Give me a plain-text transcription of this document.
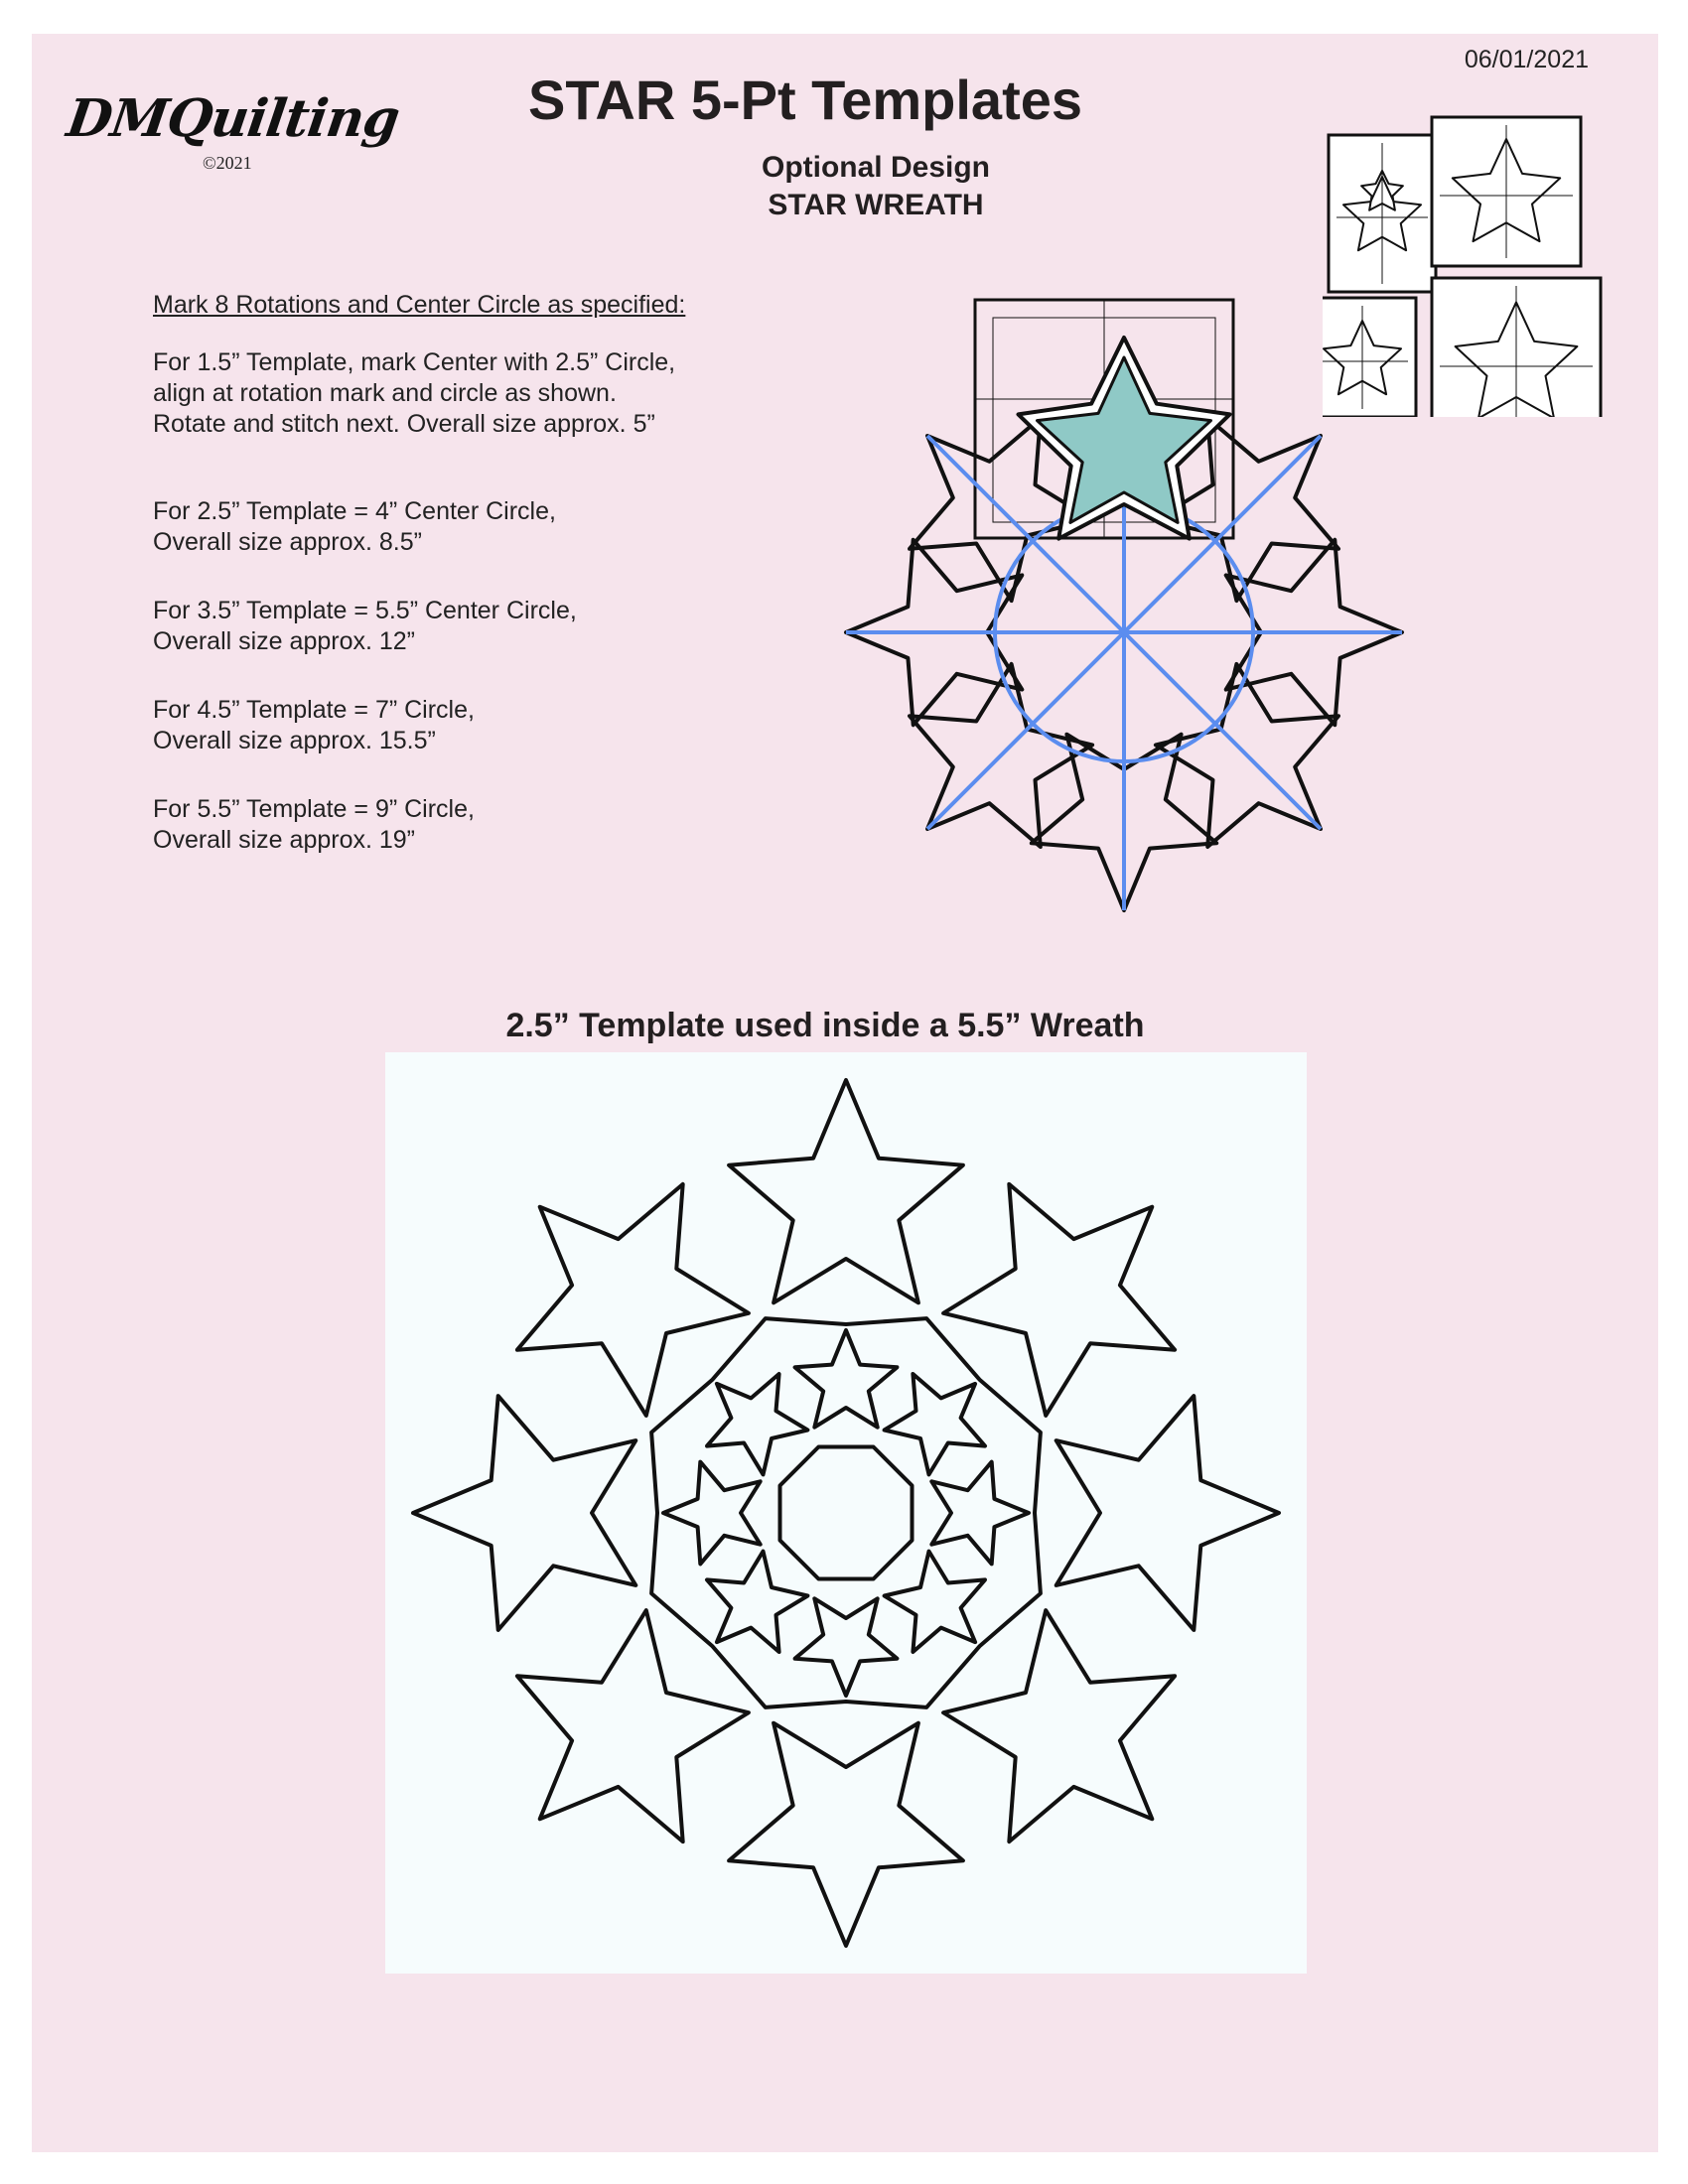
06/01/2021
DMQuilting
©2021
STAR 5-Pt Templates
Optional Design
STAR WREATH
Mark 8 Rotations and Center Circle as specified:
For 1.5” Template, mark Center with 2.5” Circle,
align at rotation mark and circle as shown.
Rotate and stitch next. Overall size approx. 5”
For 2.5” Template = 4” Center Circle,
Overall size approx. 8.5”
For 3.5” Template = 5.5” Center Circle,
Overall size approx. 12”
For 4.5” Template = 7” Circle,
Overall size approx. 15.5”
For 5.5” Template = 9” Circle,
Overall size approx. 19”
2.5” Template used inside a 5.5” Wreath
